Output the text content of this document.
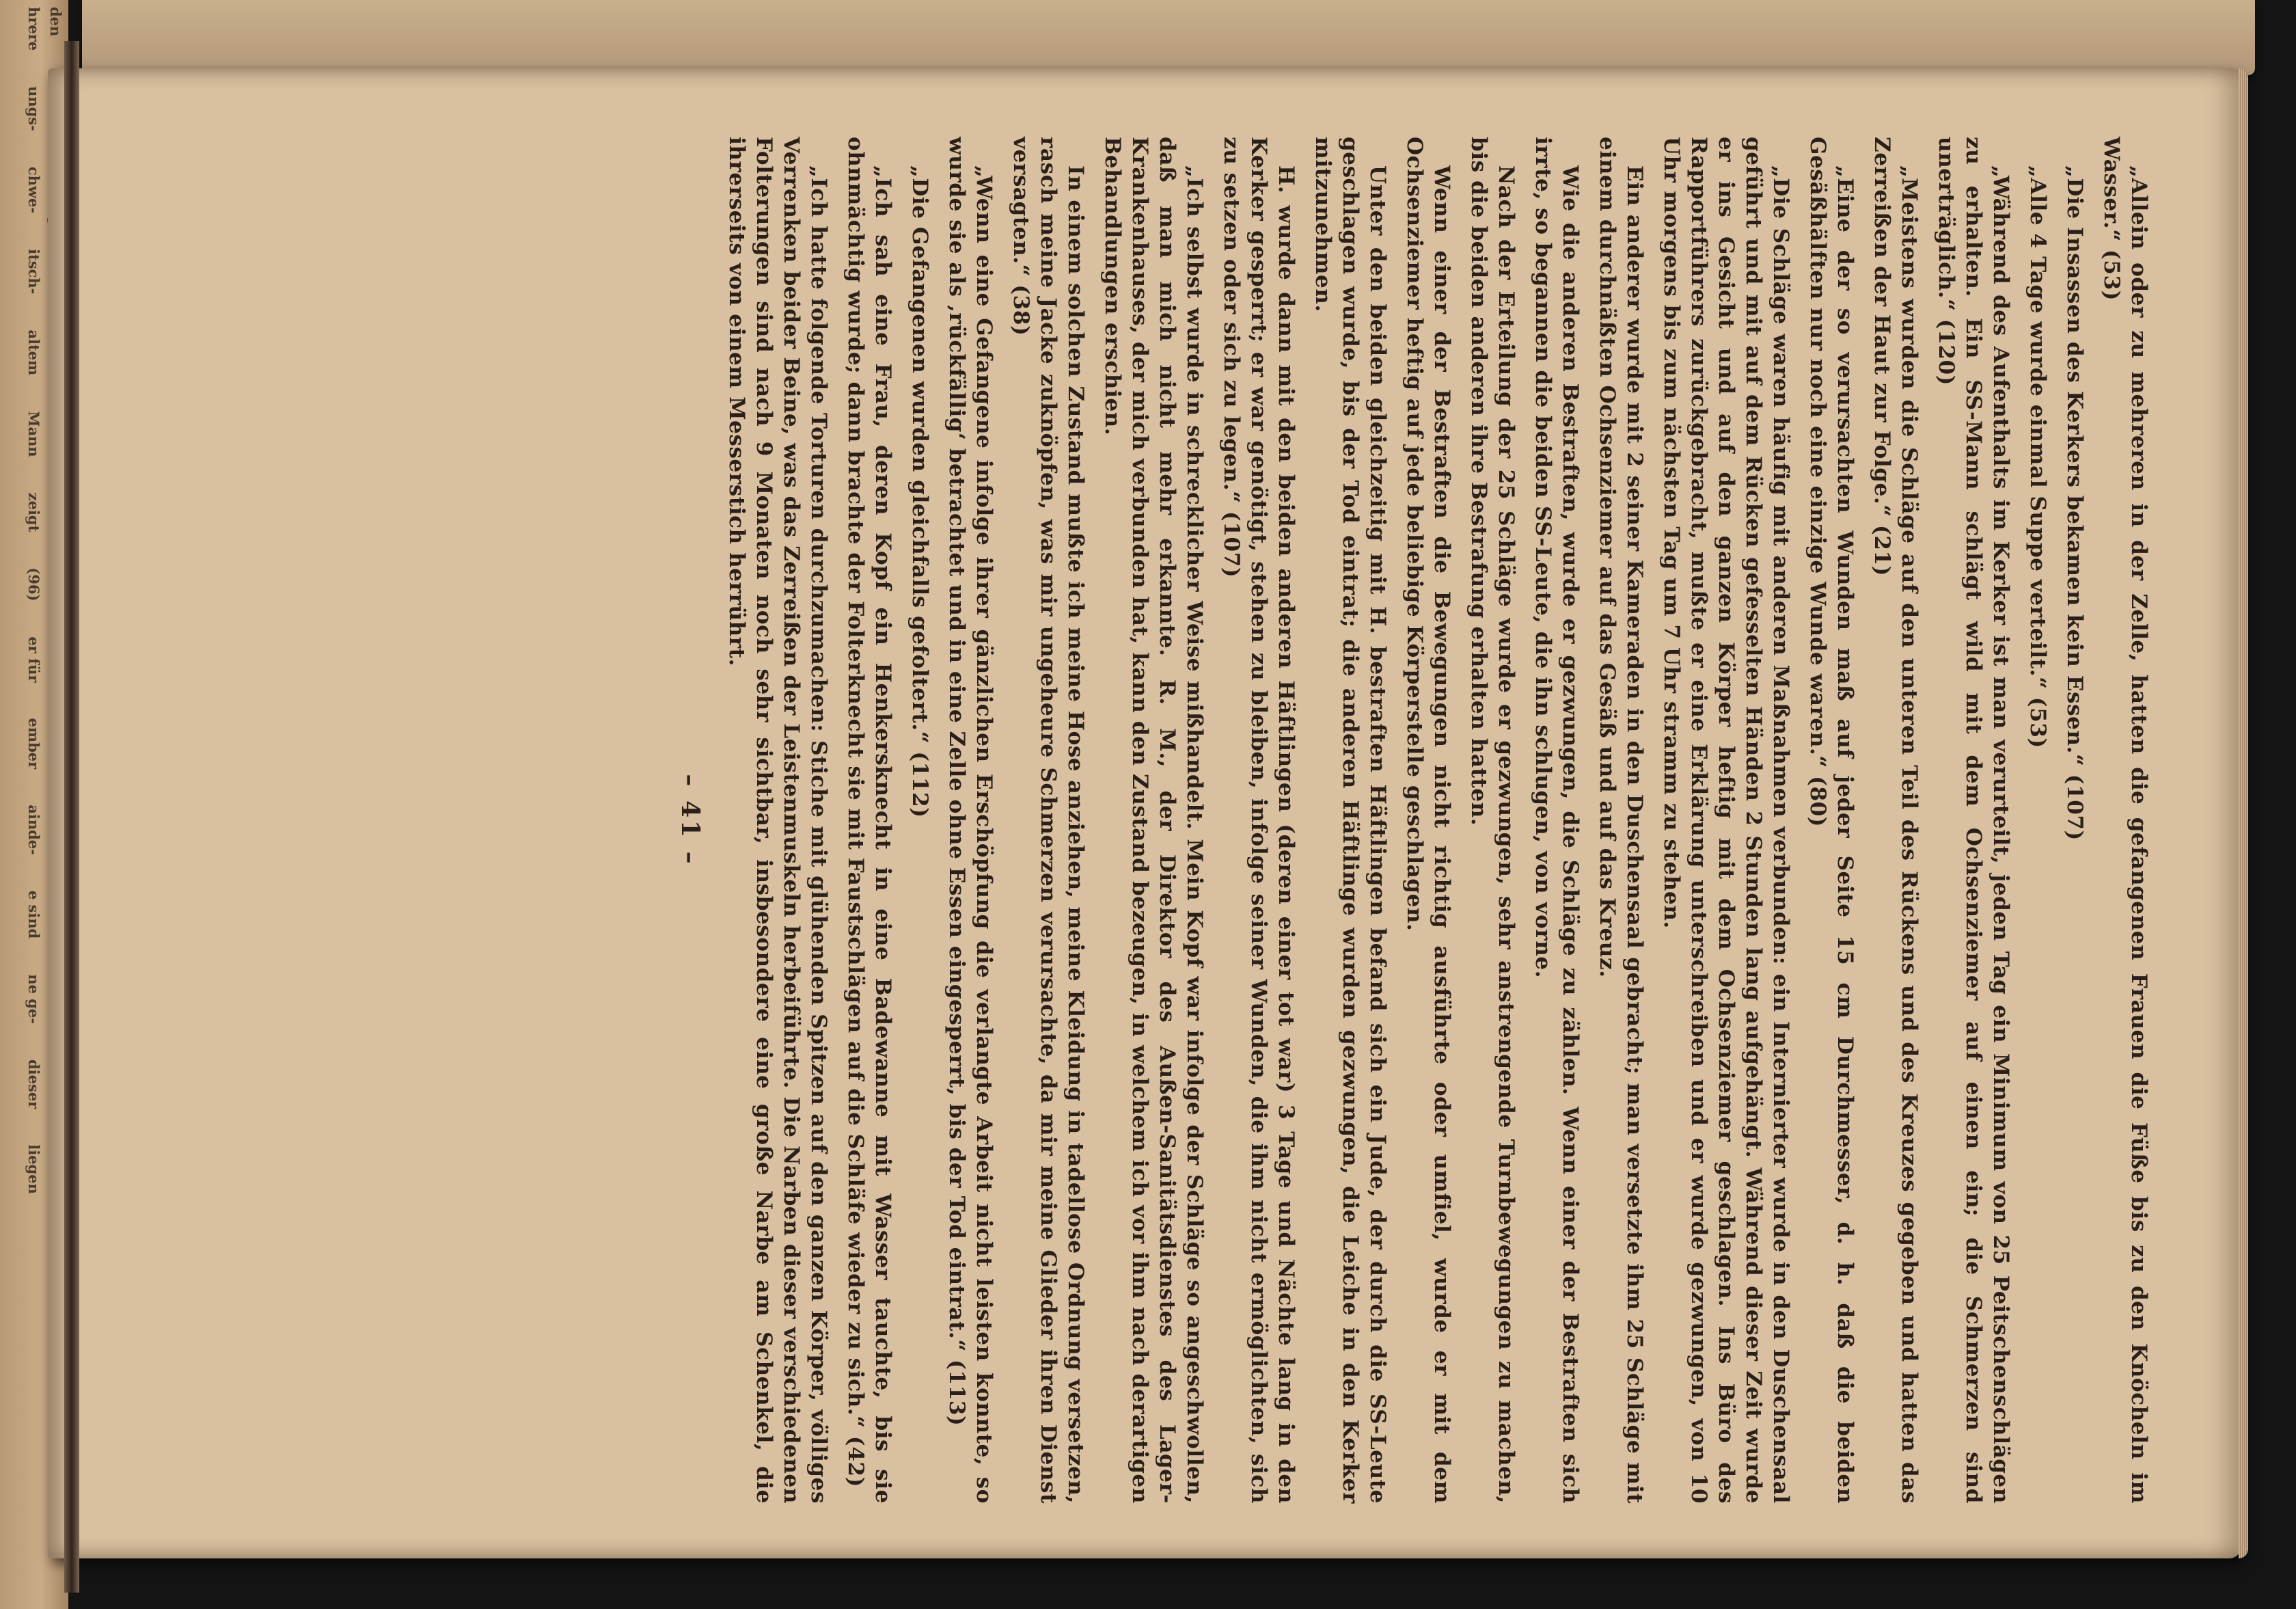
den
hrere
ungs-
chwe-
itsch-
altem
Mann
zeigt
(96)
er für
ember
ainde-
e sind
ne ge-
dieser
liegen	„Allein oder zu mehreren in der Zelle, hatten die gefangenen Frauen die Füße bis zu den Knöcheln im Wasser.“ (53)

„Die Insassen des Kerkers bekamen kein Essen.“ (107)

„Alle 4 Tage wurde einmal Suppe verteilt.“ (53)

„Während des Aufenthalts im Kerker ist man verurteilt, jeden Tag ein Minimum von 25 Peitschenschlägen zu erhalten. Ein SS-Mann schlägt wild mit dem Ochsenziemer auf einen ein; die Schmerzen sind unerträglich.“ (120)

„Meistens wurden die Schläge auf den unteren Teil des Rückens und des Kreuzes gegeben und hatten das Zerreißen der Haut zur Folge.“ (21)

„Eine der so verursachten Wunden maß auf jeder Seite 15 cm Durchmesser, d. h. daß die beiden Gesäßhälften nur noch eine einzige Wunde waren.“ (80)

„Die Schläge waren häufig mit anderen Maßnahmen verbunden: ein Internierter wurde in den Duschensaal geführt und mit auf dem Rücken gefesselten Händen 2 Stunden lang aufgehängt. Während dieser Zeit wurde er ins Gesicht und auf den ganzen Körper heftig mit dem Ochsenziemer geschlagen. Ins Büro des Rapportführers zurückgebracht, mußte er eine Erklärung unterschreiben und er wurde gezwungen, von 10 Uhr morgens bis zum nächsten Tag um 7 Uhr stramm zu stehen.

Ein anderer wurde mit 2 seiner Kameraden in den Duschensaal gebracht; man versetzte ihm 25 Schläge mit einem durchnäßten Ochsenziemer auf das Gesäß und auf das Kreuz.

Wie die anderen Bestraften, wurde er gezwungen, die Schläge zu zählen. Wenn einer der Bestraften sich irrte, so begannen die beiden SS-Leute, die ihn schlugen, von vorne.

Nach der Erteilung der 25 Schläge wurde er gezwungen, sehr anstrengende Turnbewegungen zu machen, bis die beiden anderen ihre Bestrafung erhalten hatten.

Wenn einer der Bestraften die Bewegungen nicht richtig ausführte oder umfiel, wurde er mit dem Ochsenziemer heftig auf jede beliebige Körperstelle geschlagen.

Unter den beiden gleichzeitig mit H. bestraften Häftlingen befand sich ein Jude, der durch die SS-Leute geschlagen wurde, bis der Tod eintrat; die anderen Häftlinge wurden gezwungen, die Leiche in den Kerker mitzunehmen.

H. wurde dann mit den beiden anderen Häftlingen (deren einer tot war) 3 Tage und Nächte lang in den Kerker gesperrt; er war genötigt, stehen zu bleiben, infolge seiner Wunden, die ihm nicht ermöglichten, sich zu setzen oder sich zu legen.“ (107)

„Ich selbst wurde in schrecklicher Weise mißhandelt. Mein Kopf war infolge der Schläge so angeschwollen, daß man mich nicht mehr erkannte. R. M., der Direktor des Außen-Sanitätsdienstes des Lager-Krankenhauses, der mich verbunden hat, kann den Zustand bezeugen, in welchem ich vor ihm nach derartigen Behandlungen erschien.

In einem solchen Zustand mußte ich meine Hose anziehen, meine Kleidung in tadellose Ordnung versetzen, rasch meine Jacke zuknöpfen, was mir ungeheure Schmerzen verursachte, da mir meine Glieder ihren Dienst versagten.“ (38)

„Wenn eine Gefangene infolge ihrer gänzlichen Erschöpfung die verlangte Arbeit nicht leisten konnte, so wurde sie als ‚rückfällig‘ betrachtet und in eine Zelle ohne Essen eingesperrt, bis der Tod eintrat.“ (113)

„Die Gefangenen wurden gleichfalls gefoltert.“ (112)

„Ich sah eine Frau, deren Kopf ein Henkersknecht in eine Badewanne mit Wasser tauchte, bis sie ohnmächtig wurde; dann brachte der Folterknecht sie mit Faustschlägen auf die Schläfe wieder zu sich.“ (42)

„Ich hatte folgende Torturen durchzumachen: Stiche mit glühenden Spitzen auf den ganzen Körper, völliges Verrenken beider Beine, was das Zerreißen der Leistenmuskeln herbeiführte. Die Narben dieser verschiedenen Folterungen sind nach 9 Monaten noch sehr sichtbar, insbesondere eine große Narbe am Schenkel, die ihrerseits von einem Messerstich herrührt.

– 41 –
